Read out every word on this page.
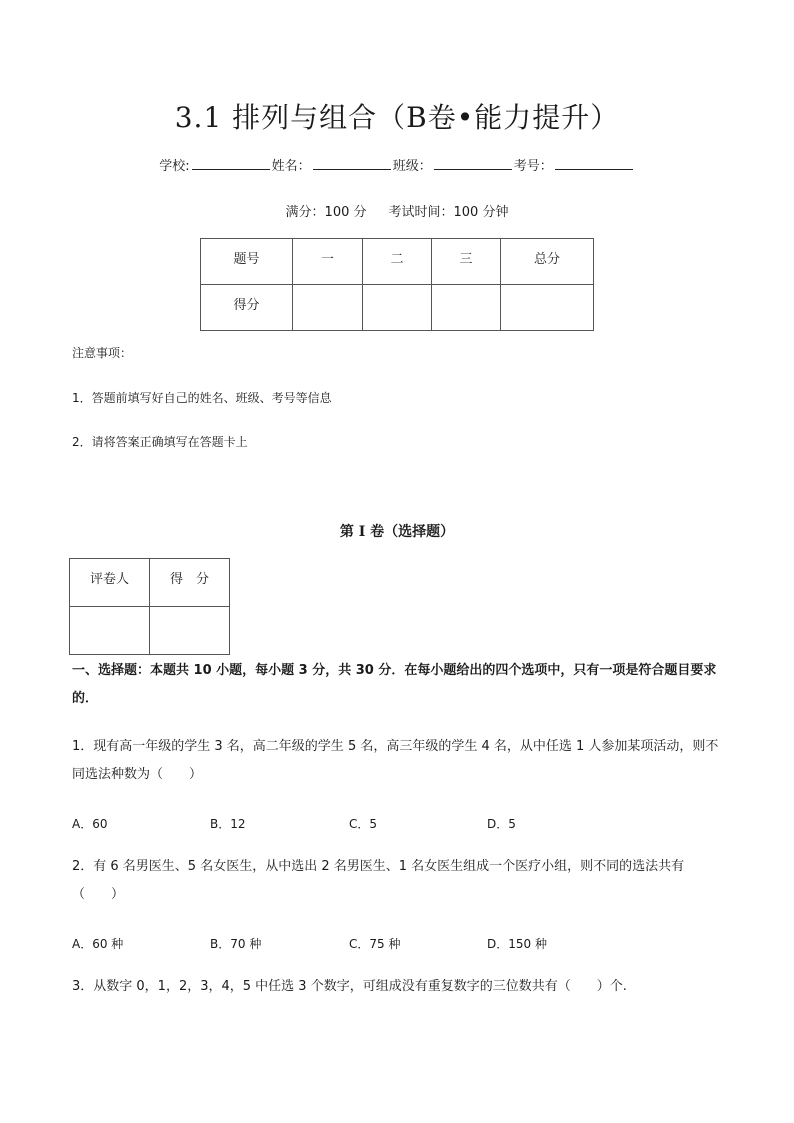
3.1 排列与组合（B卷•能力提升）
学校:	姓名：	班级：	考号：
满分：100 分 考试时间：100 分钟
题号	一	二	三	总分
得分				
注意事项：
1．答题前填写好自己的姓名、班级、考号等信息
2．请将答案正确填写在答题卡上
第 I 卷（选择题）
评卷人	得　分

一、选择题：本题共 10 小题，每小题 3 分，共 30 分．在每小题给出的四个选项中，只有一项是符合题目要求的．
1．现有高一年级的学生 3 名，高二年级的学生 5 名，高三年级的学生 4 名，从中任选 1 人参加某项活动，则不同选法种数为（　　）
A．60	B．12	C．5	D．5
2．有 6 名男医生、5 名女医生，从中选出 2 名男医生、1 名女医生组成一个医疗小组，则不同的选法共有（　　）
A．60 种	B．70 种	C．75 种	D．150 种
3．从数字 0，1，2，3，4，5 中任选 3 个数字，可组成没有重复数字的三位数共有（　　）个.
